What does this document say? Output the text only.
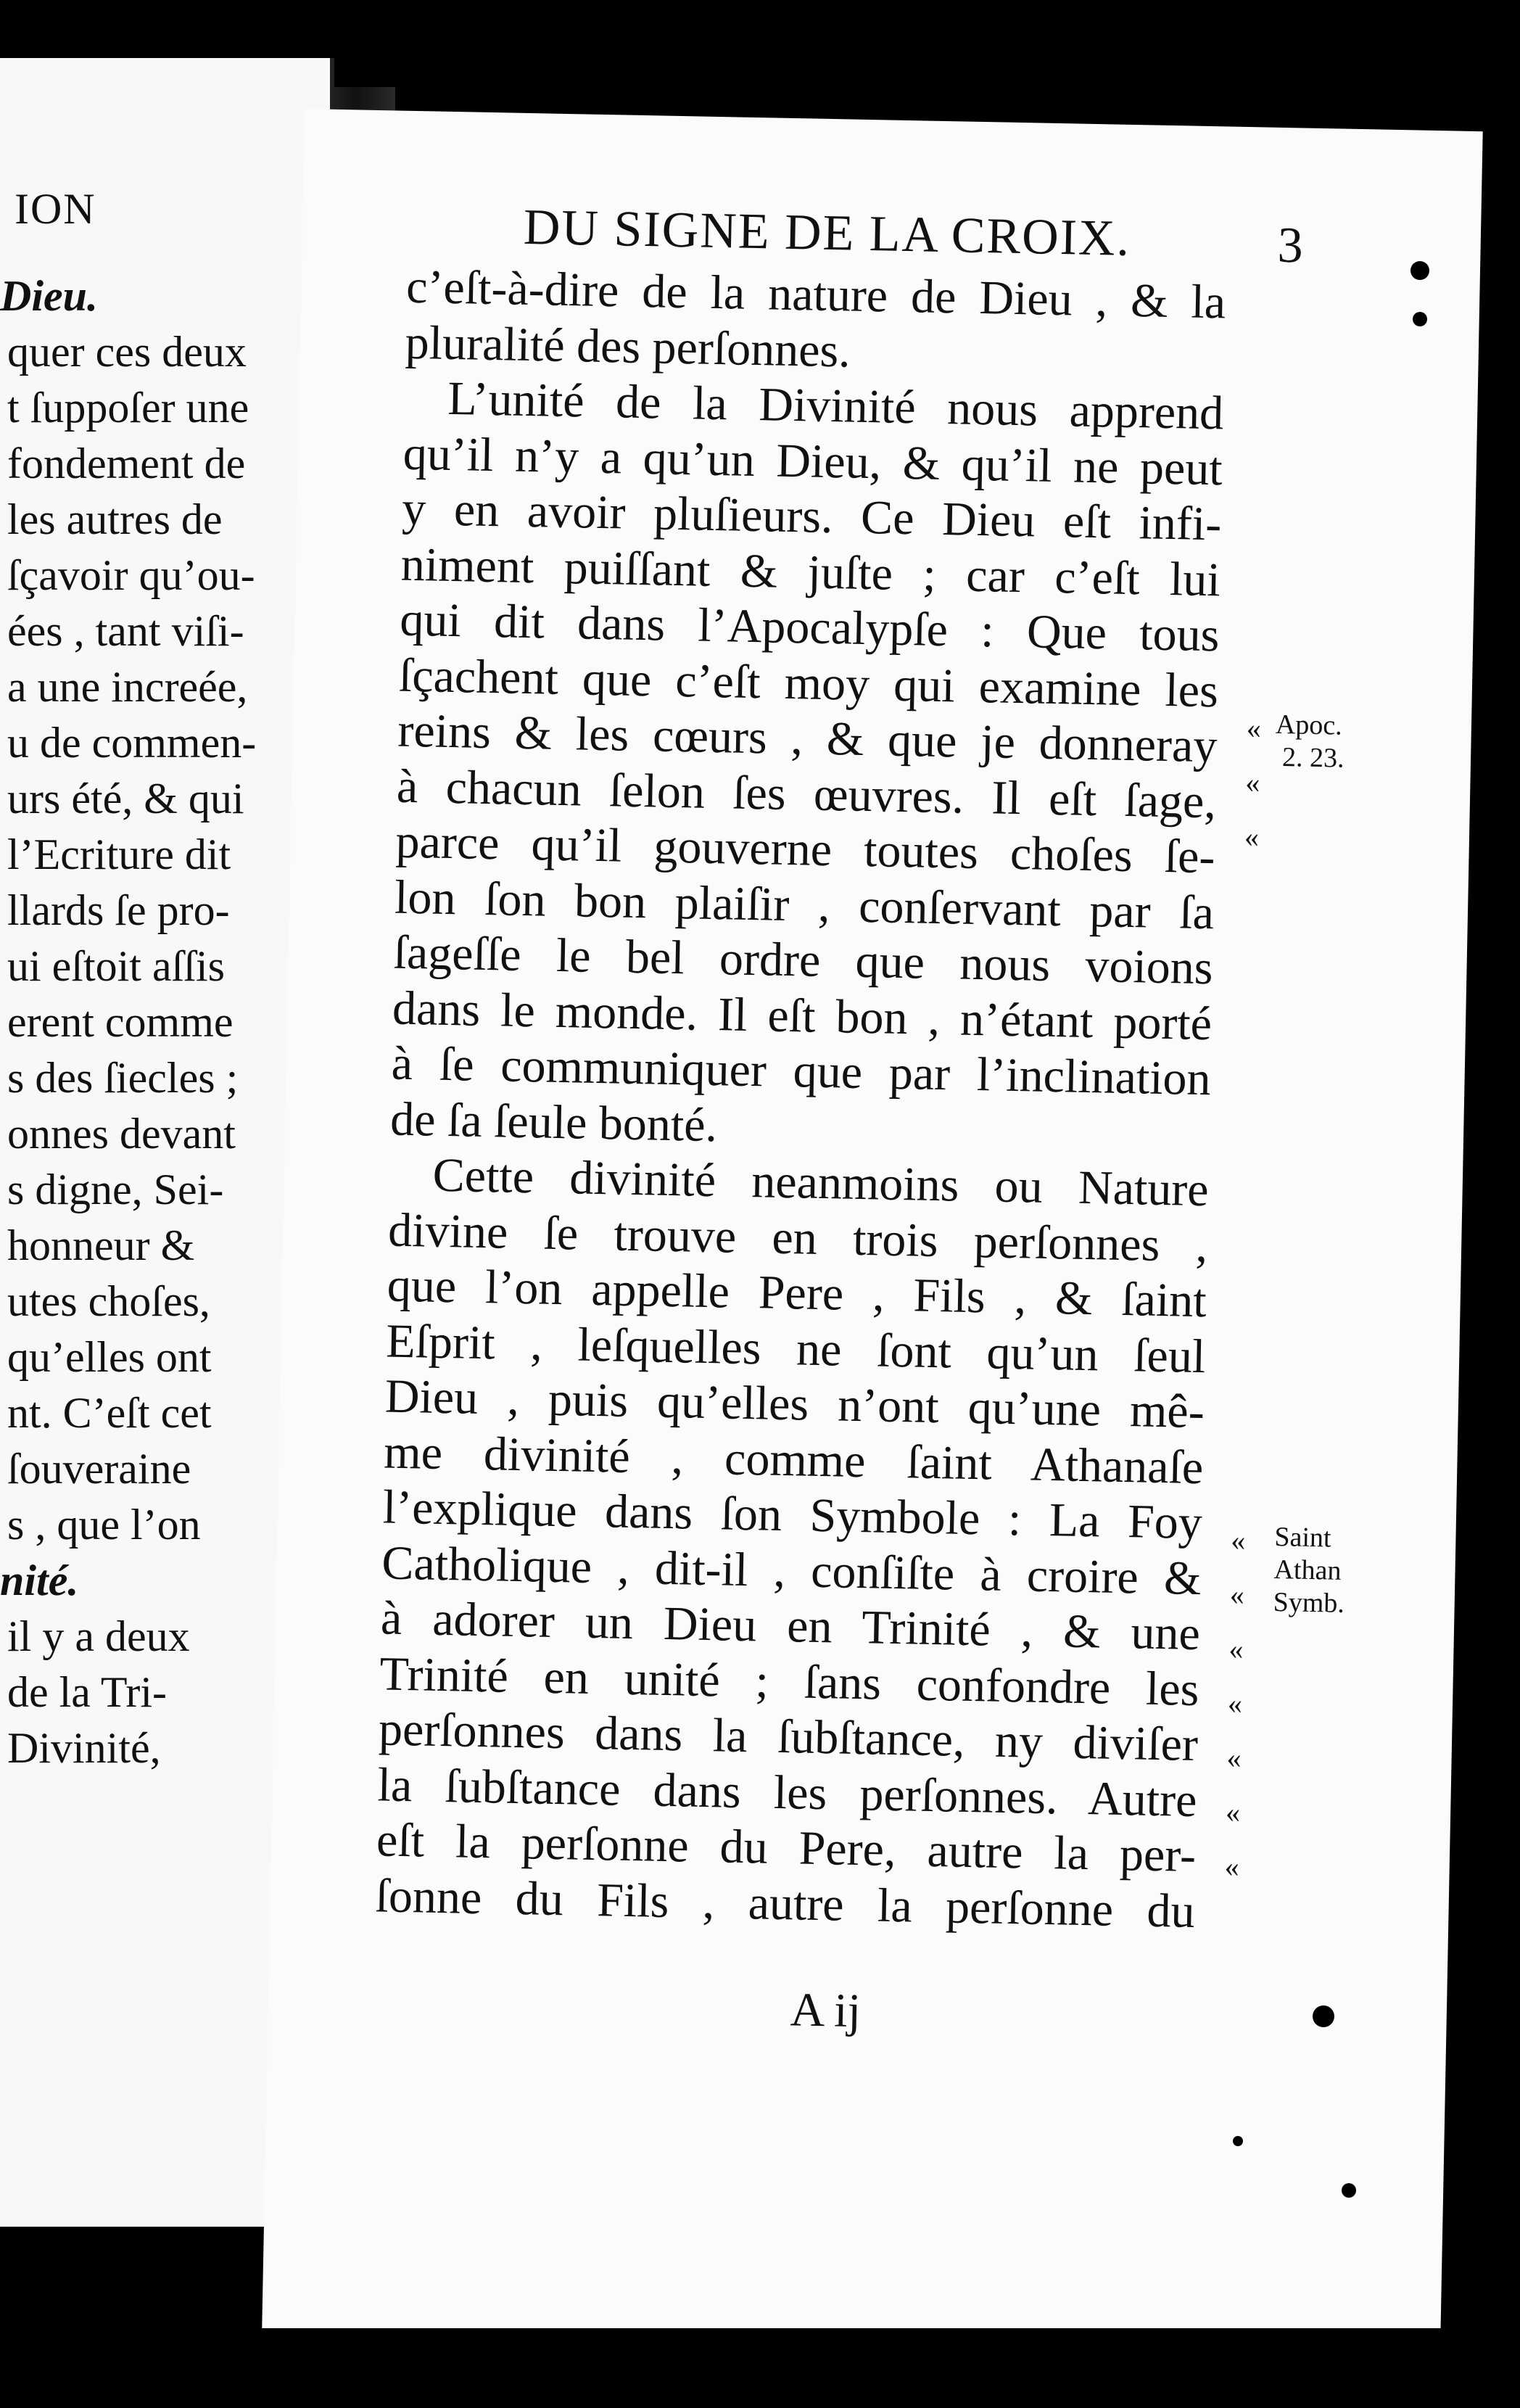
ION
Dieu.
quer ces deux
t ſuppoſer une
fondement de
les autres de
ſçavoir qu’ou-
ées , tant viſi-
a une increée,
u de commen-
urs été, & qui
l’Ecriture dit
llards ſe pro-
ui eſtoit aſſis
erent comme
s des ſiecles ;
onnes devant
s digne, Sei-
honneur &
utes choſes,
qu’elles ont
nt. C’eſt cet
ſouveraine
s , que l’on
nité.
il y a deux
de la Tri-
Divinité,
DU SIGNE DE LA CROIX.	3
c’eſt-à-dire de la nature de Dieu , & la
pluralité des perſonnes.
L’unité de la Divinité nous apprend
qu’il n’y a qu’un Dieu, & qu’il ne peut
y en avoir pluſieurs. Ce Dieu eſt infi-
niment puiſſant & juſte ; car c’eſt lui
qui dit dans l’Apocalypſe : Que tous
ſçachent que c’eſt moy qui examine les
reins & les cœurs , & que je donneray
à chacun ſelon ſes œuvres. Il eſt ſage,
parce qu’il gouverne toutes choſes ſe-
lon ſon bon plaiſir , conſervant par ſa
ſageſſe le bel ordre que nous voions
dans le monde. Il eſt bon , n’étant porté
à ſe communiquer que par l’inclination
de ſa ſeule bonté.
Cette divinité neanmoins ou Nature
divine ſe trouve en trois perſonnes ,
que l’on appelle Pere , Fils , & ſaint
Eſprit , leſquelles ne ſont qu’un ſeul
Dieu , puis qu’elles n’ont qu’une mê-
me divinité , comme ſaint Athanaſe
l’explique dans ſon Symbole : La Foy
Catholique , dit-il , conſiſte à croire &
à adorer un Dieu en Trinité , & une
Trinité en unité ; ſans confondre les
perſonnes dans la ſubſtance, ny diviſer
la ſubſtance dans les perſonnes. Autre
eſt la perſonne du Pere, autre la per-
ſonne du Fils , autre la perſonne du
Apoc.
2. 23.
Saint
Athan
Symb.
«
«
«
«
«
«
«
«
«
«
A ij
